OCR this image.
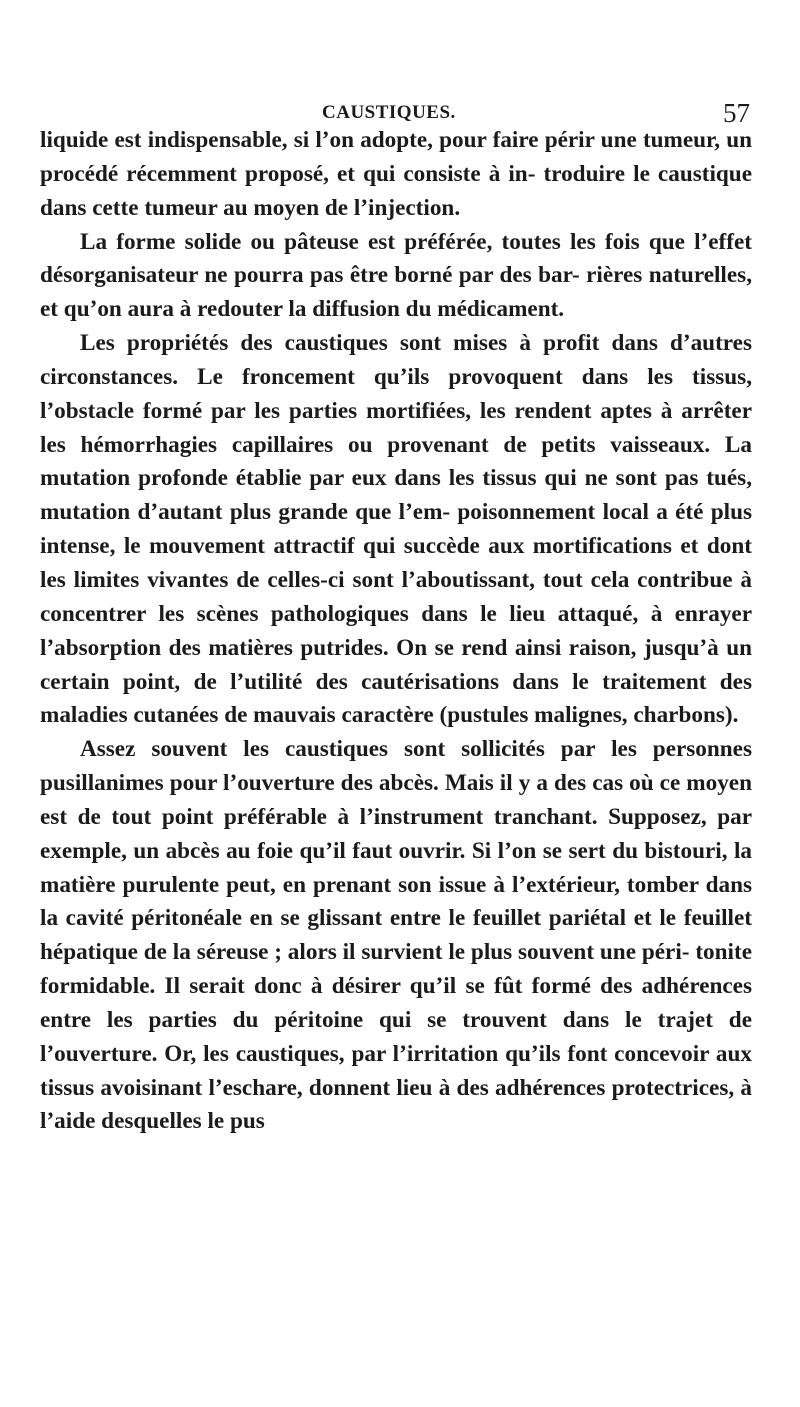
CAUSTIQUES.	57

liquide est indispensable, si l’on adopte, pour faire périr une tumeur, un procédé récemment proposé, et qui consiste à in- troduire le caustique dans cette tumeur au moyen de l’injection.

La forme solide ou pâteuse est préférée, toutes les fois que l’effet désorganisateur ne pourra pas être borné par des bar- rières naturelles, et qu’on aura à redouter la diffusion du médicament.

Les propriétés des caustiques sont mises à profit dans d’autres circonstances. Le froncement qu’ils provoquent dans les tissus, l’obstacle formé par les parties mortifiées, les rendent aptes à arrêter les hémorrhagies capillaires ou provenant de petits vaisseaux. La mutation profonde établie par eux dans les tissus qui ne sont pas tués, mutation d’autant plus grande que l’em- poisonnement local a été plus intense, le mouvement attractif qui succède aux mortifications et dont les limites vivantes de celles-ci sont l’aboutissant, tout cela contribue à concentrer les scènes pathologiques dans le lieu attaqué, à enrayer l’absorption des matières putrides. On se rend ainsi raison, jusqu’à un certain point, de l’utilité des cautérisations dans le traitement des maladies cutanées de mauvais caractère (pustules malignes, charbons).

Assez souvent les caustiques sont sollicités par les personnes pusillanimes pour l’ouverture des abcès. Mais il y a des cas où ce moyen est de tout point préférable à l’instrument tranchant. Supposez, par exemple, un abcès au foie qu’il faut ouvrir. Si l’on se sert du bistouri, la matière purulente peut, en prenant son issue à l’extérieur, tomber dans la cavité péritonéale en se glissant entre le feuillet pariétal et le feuillet hépatique de la séreuse ; alors il survient le plus souvent une péri- tonite formidable. Il serait donc à désirer qu’il se fût formé des adhérences entre les parties du péritoine qui se trouvent dans le trajet de l’ouverture. Or, les caustiques, par l’irritation qu’ils font concevoir aux tissus avoisinant l’eschare, donnent lieu à des adhérences protectrices, à l’aide desquelles le pus
